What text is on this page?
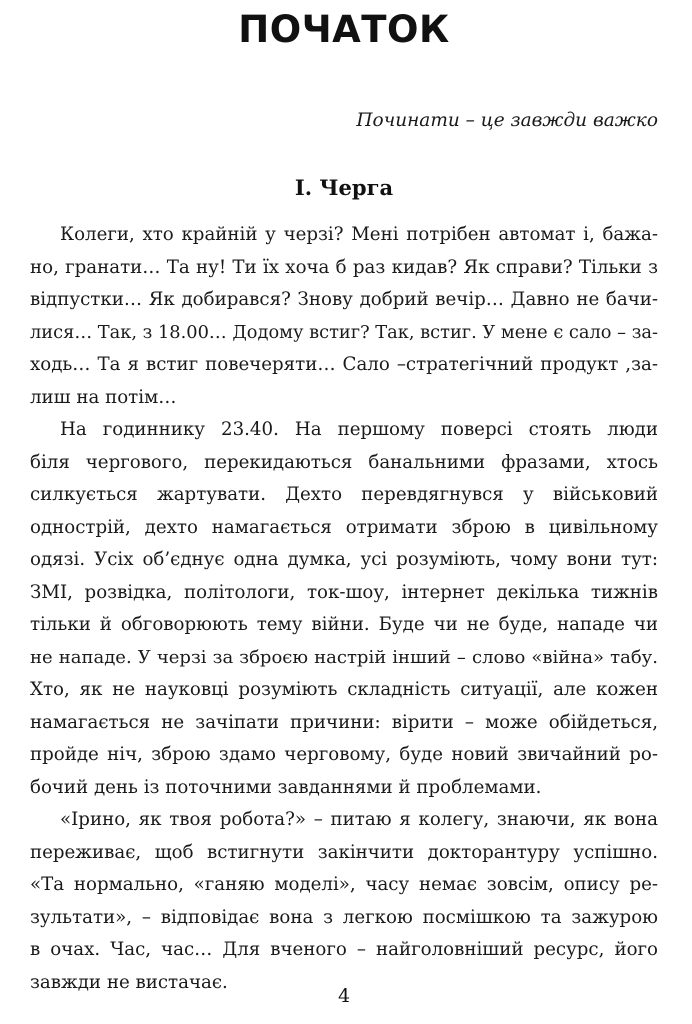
ПОЧАТОК
Починати – це завжди важко
І. Черга
Колеги, хто крайній у черзі? Мені потрібен автомат і, бажа-
но, гранати… Та ну! Ти їх хоча б раз кидав? Як справи? Тільки з
відпустки… Як добирався? Знову добрий вечір… Давно не бачи-
лися… Так, з 18.00… Додому встиг? Так, встиг. У мене є сало – за-
ходь… Та я встиг повечеряти… Сало –стратегічний продукт ,за-
лиш на потім…
На годиннику 23.40. На першому поверсі стоять люди
біля чергового, перекидаються банальними фразами, хтось
силкується жартувати. Дехто перевдягнувся у військовий
однострій, дехто намагається отримати зброю в цивільному
одязі. Усіх об’єднує одна думка, усі розуміють, чому вони тут:
ЗМІ, розвідка, політологи, ток-шоу, інтернет декілька тижнів
тільки й обговорюють тему війни. Буде чи не буде, нападе чи
не нападе. У черзі за зброєю настрій інший – слово «війна» табу.
Хто, як не науковці розуміють складність ситуації, але кожен
намагається не зачіпати причини: вірити – може обійдеться,
пройде ніч, зброю здамо черговому, буде новий звичайний ро-
бочий день із поточними завданнями й проблемами.
«Ірино, як твоя робота?» – питаю я колегу, знаючи, як вона
переживає, щоб встигнути закінчити докторантуру успішно.
«Та нормально, «ганяю моделі», часу немає зовсім, опису ре-
зультати», – відповідає вона з легкою посмішкою та зажурою
в очах. Час, час… Для вченого – найголовніший ресурс, його
завжди не вистачає.
4
